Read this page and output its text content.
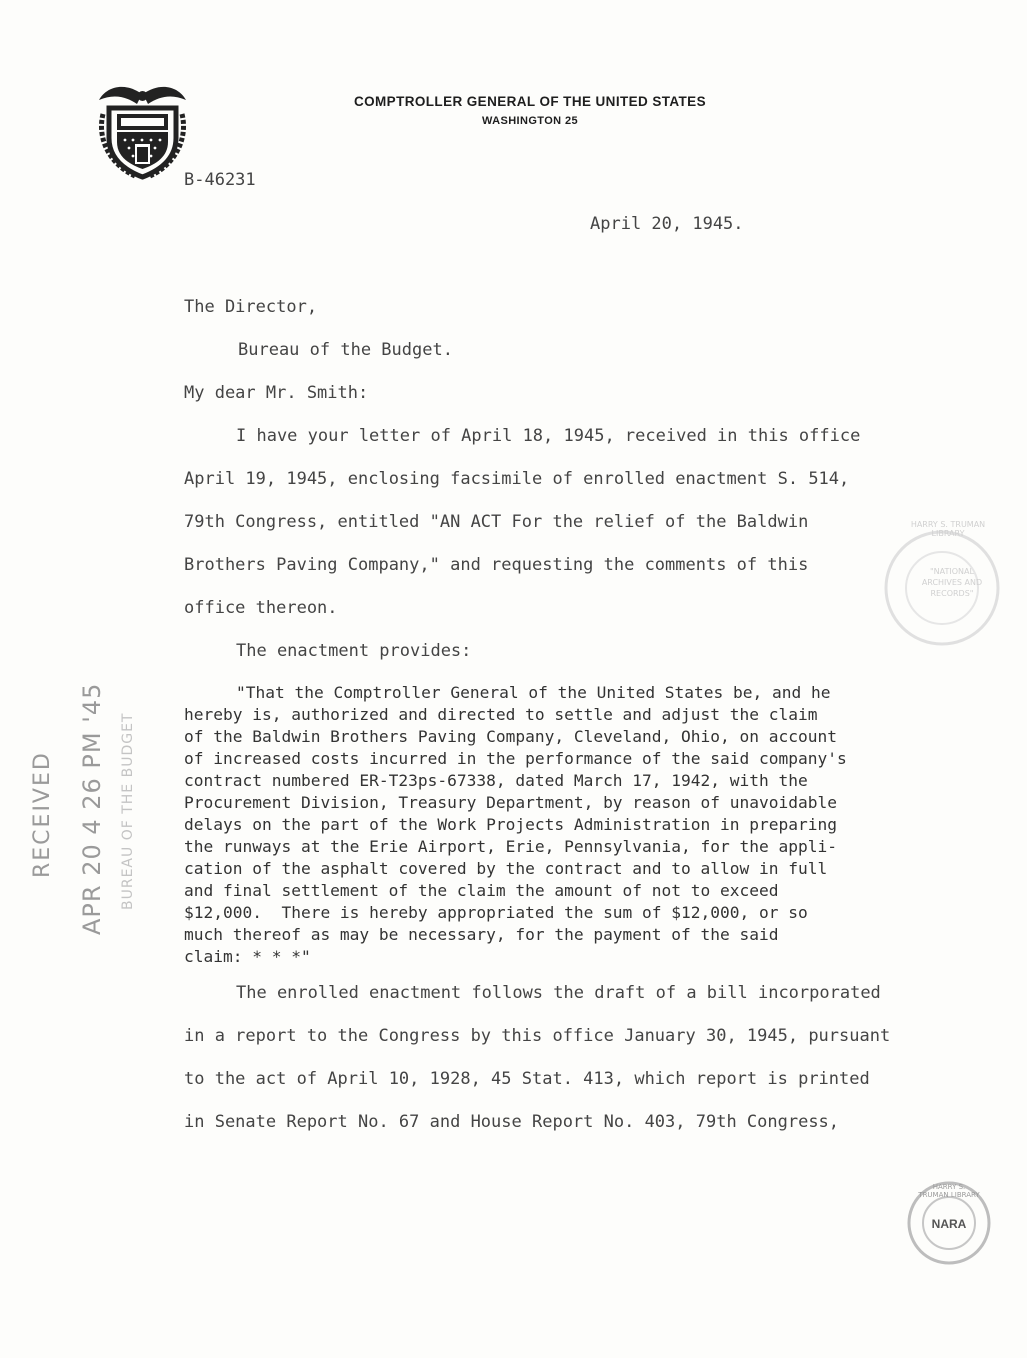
COMPTROLLER GENERAL OF THE UNITED STATES
WASHINGTON 25
B-46231
April 20, 1945.
The Director,
Bureau of the Budget.
My dear Mr. Smith:
I have your letter of April 18, 1945, received in this office
April 19, 1945, enclosing facsimile of enrolled enactment S. 514,
79th Congress, entitled "AN ACT For the relief of the Baldwin
Brothers Paving Company," and requesting the comments of this
office thereon.
The enactment provides:
"That the Comptroller General of the United States be, and he
hereby is, authorized and directed to settle and adjust the claim
of the Baldwin Brothers Paving Company, Cleveland, Ohio, on account
of increased costs incurred in the performance of the said company's
contract numbered ER-T23ps-67338, dated March 17, 1942, with the
Procurement Division, Treasury Department, by reason of unavoidable
delays on the part of the Work Projects Administration in preparing
the runways at the Erie Airport, Erie, Pennsylvania, for the appli-
cation of the asphalt covered by the contract and to allow in full
and final settlement of the claim the amount of not to exceed
$12,000.  There is hereby appropriated the sum of $12,000, or so
much thereof as may be necessary, for the payment of the said
claim: * * *"
The enrolled enactment follows the draft of a bill incorporated
in a report to the Congress by this office January 30, 1945, pursuant
to the act of April 10, 1928, 45 Stat. 413, which report is printed
in Senate Report No. 67 and House Report No. 403, 79th Congress,
RECEIVED APR 20 4 26 PM '45 BUREAU OF THE BUDGET
HARRY S. TRUMAN LIBRARY
"NATIONAL ARCHIVES AND RECORDS"
HARRY S. TRUMAN LIBRARY
NARA
